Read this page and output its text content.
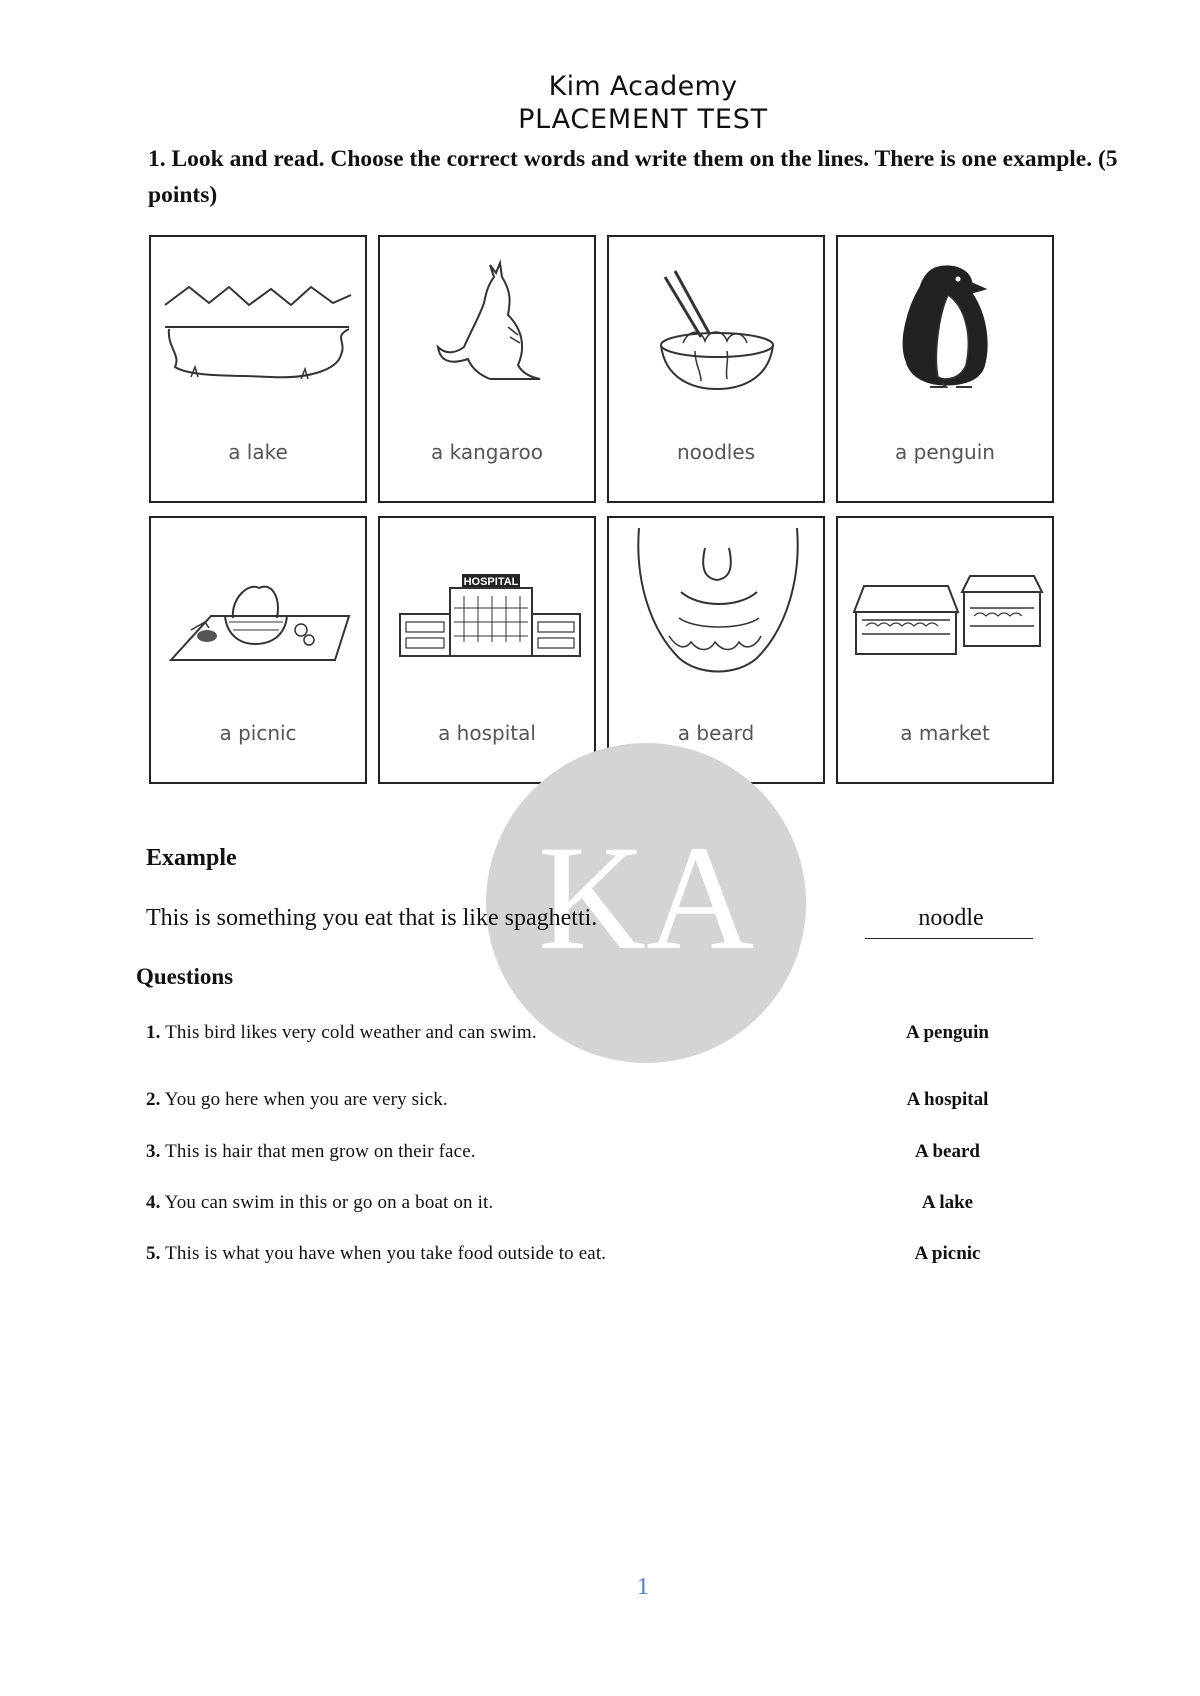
Kim Academy
PLACEMENT TEST
1. Look and read. Choose the correct words and write them on the lines. There is one example. (5 points)
a lake	a kangaroo	noodles	a penguin
a picnic
HOSPITAL
a hospital	a beard	a market
KA
Example
This is something you eat that is like spaghetti.	noodle
Questions
1. This bird likes very cold weather and can swim.	A penguin
2. You go here when you are very sick.	A hospital
3. This is hair that men grow on their face.	A beard
4. You can swim in this or go on a boat on it.	A lake
5. This is what you have when you take food outside to eat.	A picnic
1
